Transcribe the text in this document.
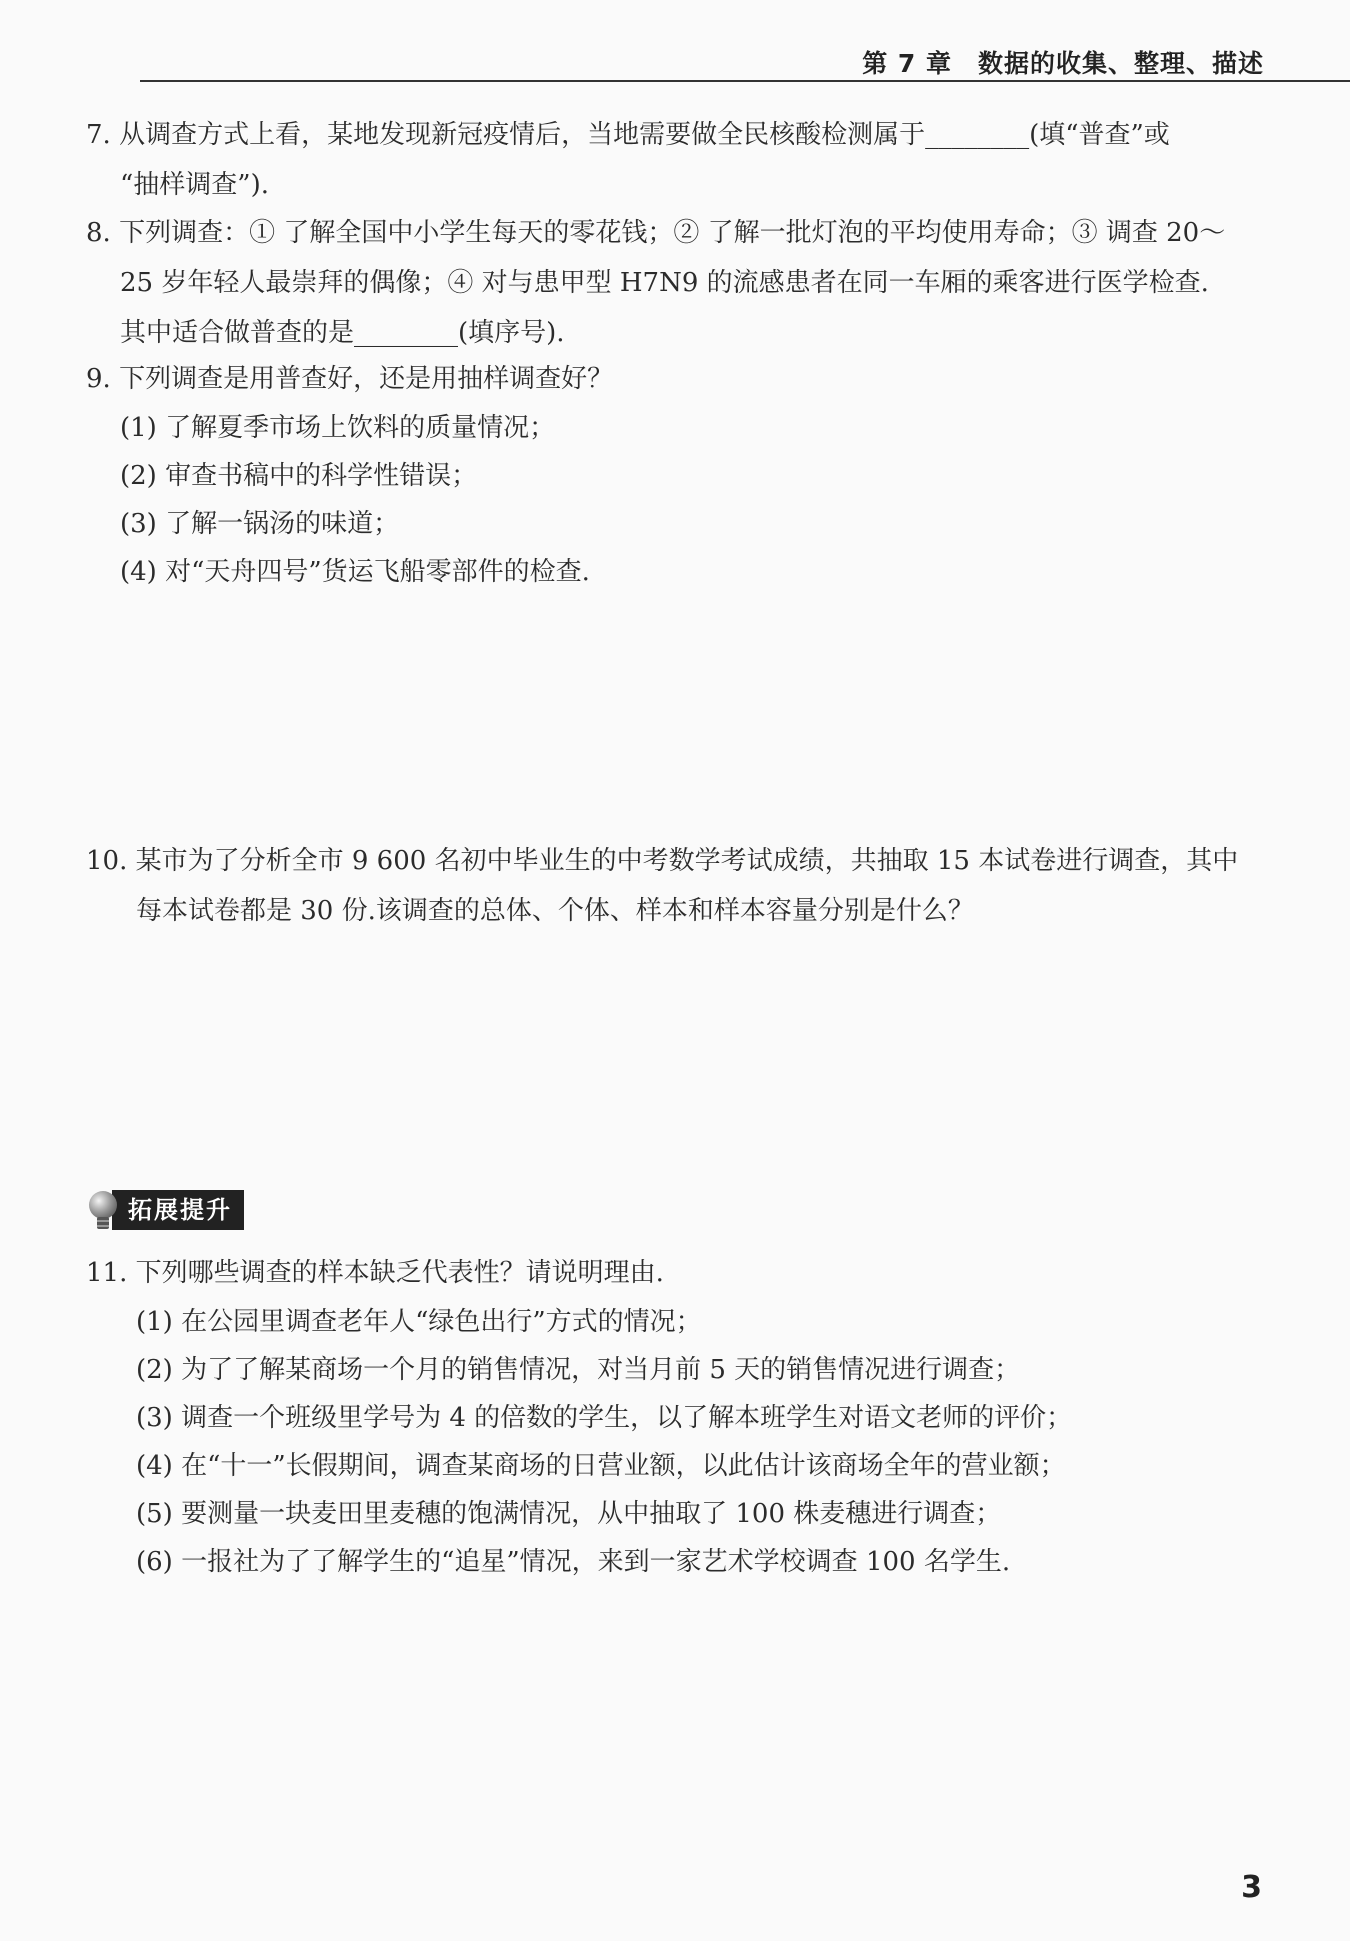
第 7 章　数据的收集、整理、描述
7. 从调查方式上看，某地发现新冠疫情后，当地需要做全民核酸检测属于________(填“普查”或
“抽样调查”).
8. 下列调查：① 了解全国中小学生每天的零花钱；② 了解一批灯泡的平均使用寿命；③ 调查 20～
25 岁年轻人最崇拜的偶像；④ 对与患甲型 H7N9 的流感患者在同一车厢的乘客进行医学检查.
其中适合做普查的是________(填序号).
9. 下列调查是用普查好，还是用抽样调查好？
(1) 了解夏季市场上饮料的质量情况；
(2) 审查书稿中的科学性错误；
(3) 了解一锅汤的味道；
(4) 对“天舟四号”货运飞船零部件的检查.
10. 某市为了分析全市 9 600 名初中毕业生的中考数学考试成绩，共抽取 15 本试卷进行调查，其中
每本试卷都是 30 份.该调查的总体、个体、样本和样本容量分别是什么？
拓展提升
11. 下列哪些调查的样本缺乏代表性？请说明理由.
(1) 在公园里调查老年人“绿色出行”方式的情况；
(2) 为了了解某商场一个月的销售情况，对当月前 5 天的销售情况进行调查；
(3) 调查一个班级里学号为 4 的倍数的学生，以了解本班学生对语文老师的评价；
(4) 在“十一”长假期间，调查某商场的日营业额，以此估计该商场全年的营业额；
(5) 要测量一块麦田里麦穗的饱满情况，从中抽取了 100 株麦穗进行调查；
(6) 一报社为了了解学生的“追星”情况，来到一家艺术学校调查 100 名学生.
3
